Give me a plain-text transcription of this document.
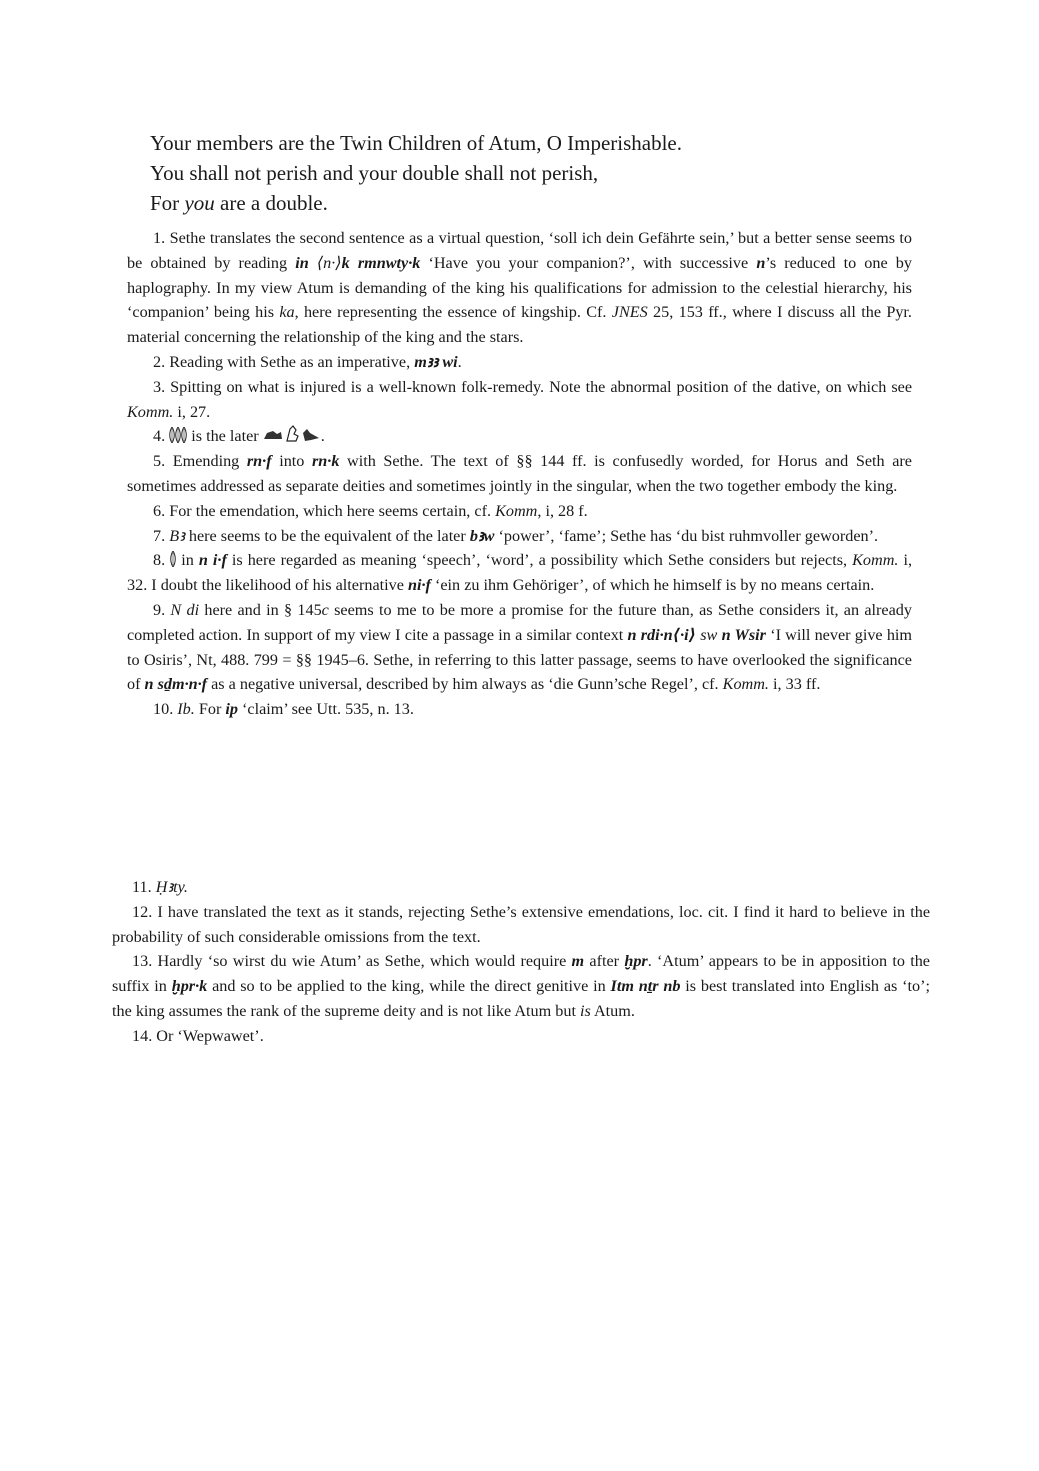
Your members are the Twin Children of Atum, O Imperishable.
You shall not perish and your double shall not perish,
For you are a double.

1. Sethe translates the second sentence as a virtual question, ‘soll ich dein Gefährte sein,’ but a better sense seems to be obtained by reading in ⟨n·⟩k rmnwty·k ‘Have you your companion?’, with successive n’s reduced to one by haplography. In my view Atum is demanding of the king his qualifications for admission to the celestial hierarchy, his ‘companion’ being his ka, here representing the essence of kingship. Cf. JNES 25, 153 ff., where I discuss all the Pyr. material concerning the relationship of the king and the stars.

2. Reading with Sethe as an imperative, mꜣꜣ wi.

3. Spitting on what is injured is a well-known folk-remedy. Note the abnormal position of the dative, on which see Komm. i, 27.

4.  is the later	.

5. Emending rn·f into rn·k with Sethe. The text of §§ 144 ff. is confusedly worded, for Horus and Seth are sometimes addressed as separate deities and sometimes jointly in the singular, when the two together embody the king.

6. For the emendation, which here seems certain, cf. Komm, i, 28 f.

7. Bꜣ here seems to be the equivalent of the later bꜣw ‘power’, ‘fame’; Sethe has ‘du bist ruhmvoller geworden’.

8.  in n i·f is here regarded as meaning ‘speech’, ‘word’, a possibility which Sethe considers but rejects, Komm. i, 32. I doubt the likelihood of his alternative ni·f ‘ein zu ihm Gehöriger’, of which he himself is by no means certain.

9. N di here and in § 145c seems to me to be more a promise for the future than, as Sethe considers it, an already completed action. In support of my view I cite a passage in a similar context n rdi·n⟨·i⟩ sw n Wsir ‘I will never give him to Osiris’, Nt, 488. 799 = §§ 1945–6. Sethe, in referring to this latter passage, seems to have overlooked the significance of n sḏm·n·f as a negative universal, described by him always as ‘die Gunn’sche Regel’, cf. Komm. i, 33 ff.

10. Ib. For ip ‘claim’ see Utt. 535, n. 13.

11. Ḥꜣty.

12. I have translated the text as it stands, rejecting Sethe’s extensive emendations, loc. cit. I find it hard to believe in the probability of such considerable omissions from the text.

13. Hardly ‘so wirst du wie Atum’ as Sethe, which would require m after ḫpr. ‘Atum’ appears to be in apposition to the suffix in ḫpr·k and so to be applied to the king, while the direct genitive in Itm nṯr nb is best translated into English as ‘to’; the king assumes the rank of the supreme deity and is not like Atum but is Atum.

14. Or ‘Wepwawet’.
